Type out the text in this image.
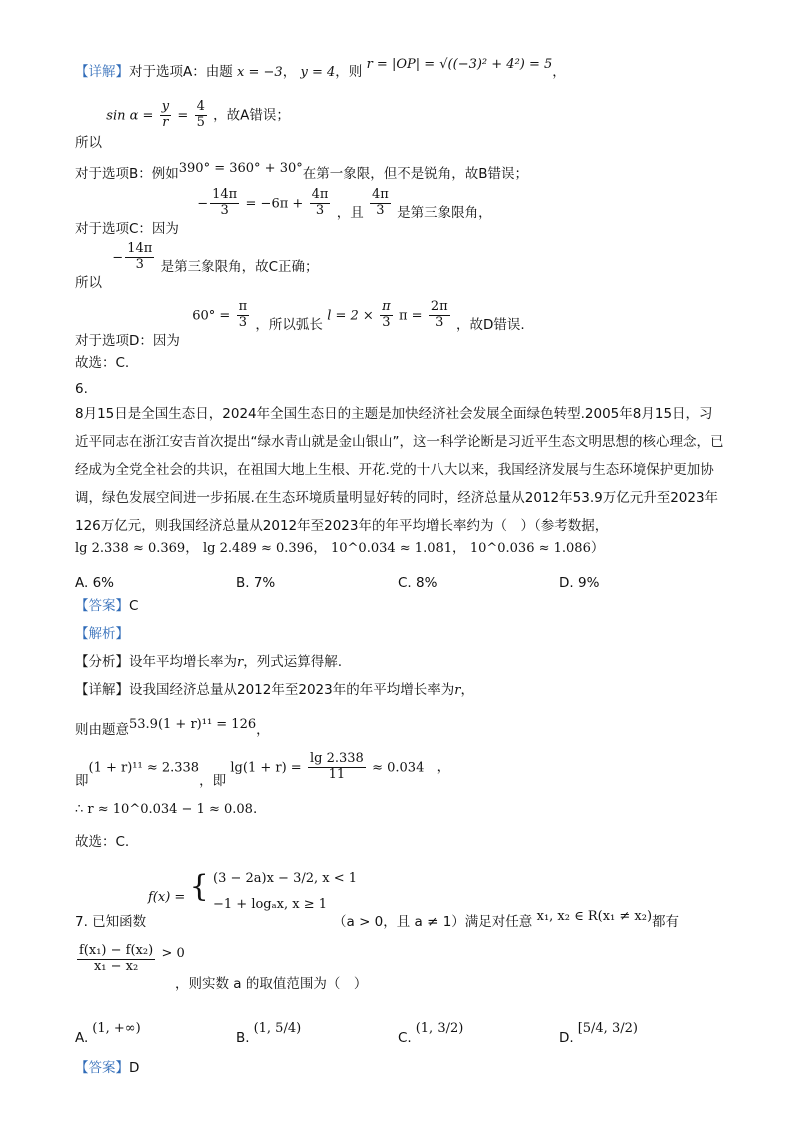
【详解】对于选项A：由题 x = −3， y = 4，则 r = |OP| = √((−3)² + 4²) = 5，
所以 $\sin \alpha = \frac{y}{r} = \frac{4}{5}$ ，故A错误；
对于选项B：例如390° = 360° + 30°在第一象限，但不是锐角，故B错误；
对于选项C：因为 − $\frac{14\pi}{3} = -6\pi + \frac{4\pi}{3}$ ，且 $\frac{4\pi}{3}$ 是第三象限角，
所以 − $\frac{14\pi}{3}$ 是第三象限角，故C正确；
对于选项D：因为 $60^\circ = \frac{\pi}{3}$ ，所以弧长 $l = 2 \times \frac{\pi}{3}$ $\pi = \frac{2\pi}{3}$ ，故D错误.
故选：C.
6.
8月15日是全国生态日，2024年全国生态日的主题是加快经济社会发展全面绿色转型.2005年8月15日，习近平同志在浙江安吉首次提出“绿水青山就是金山银山”，这一科学论断是习近平生态文明思想的核心理念，已经成为全党全社会的共识，在祖国大地上生根、开花.党的十八大以来，我国经济发展与生态环境保护更加协调，绿色发展空间进一步拓展.在生态环境质量明显好转的同时，经济总量从2012年53.9万亿元升至2023年126万亿元，则我国经济总量从2012年至2023年的年平均增长率约为（　）（参考数据，
lg 2.338 ≈ 0.369， lg 2.489 ≈ 0.396， 10^0.034 ≈ 1.081， 10^0.036 ≈ 1.086）
A. 6%	B. 7%	C. 8%	D. 9%
【答案】C
【解析】
【分析】设年平均增长率为r，列式运算得解.
【详解】设我国经济总量从2012年至2023年的年平均增长率为r，
则由题意53.9(1 + r)¹¹ = 126，
即(1 + r)¹¹ ≈ 2.338，即 $\lg(1 + r) = \frac{\lg 2.338}{11} \approx 0.034$ ，
∴ r ≈ 10^0.034 − 1 ≈ 0.08.
故选：C.
f(x) = { (3 − 2a)x − 3/2, x < 1
−1 + logₐx, x ≥ 1
7. 已知函数	（a > 0，且 a ≠ 1）满足对任意 x₁, x₂ ∈ R(x₁ ≠ x₂)都有
$\frac{\text{f(x₁) − f(x₂)}}{\text{x₁ − x₂}} > 0$
，则实数 a 的取值范围为（　）
A.(1, +∞)
B.(1, 5/4)
C.(1, 3/2)
D.[5/4, 3/2)
【答案】D
